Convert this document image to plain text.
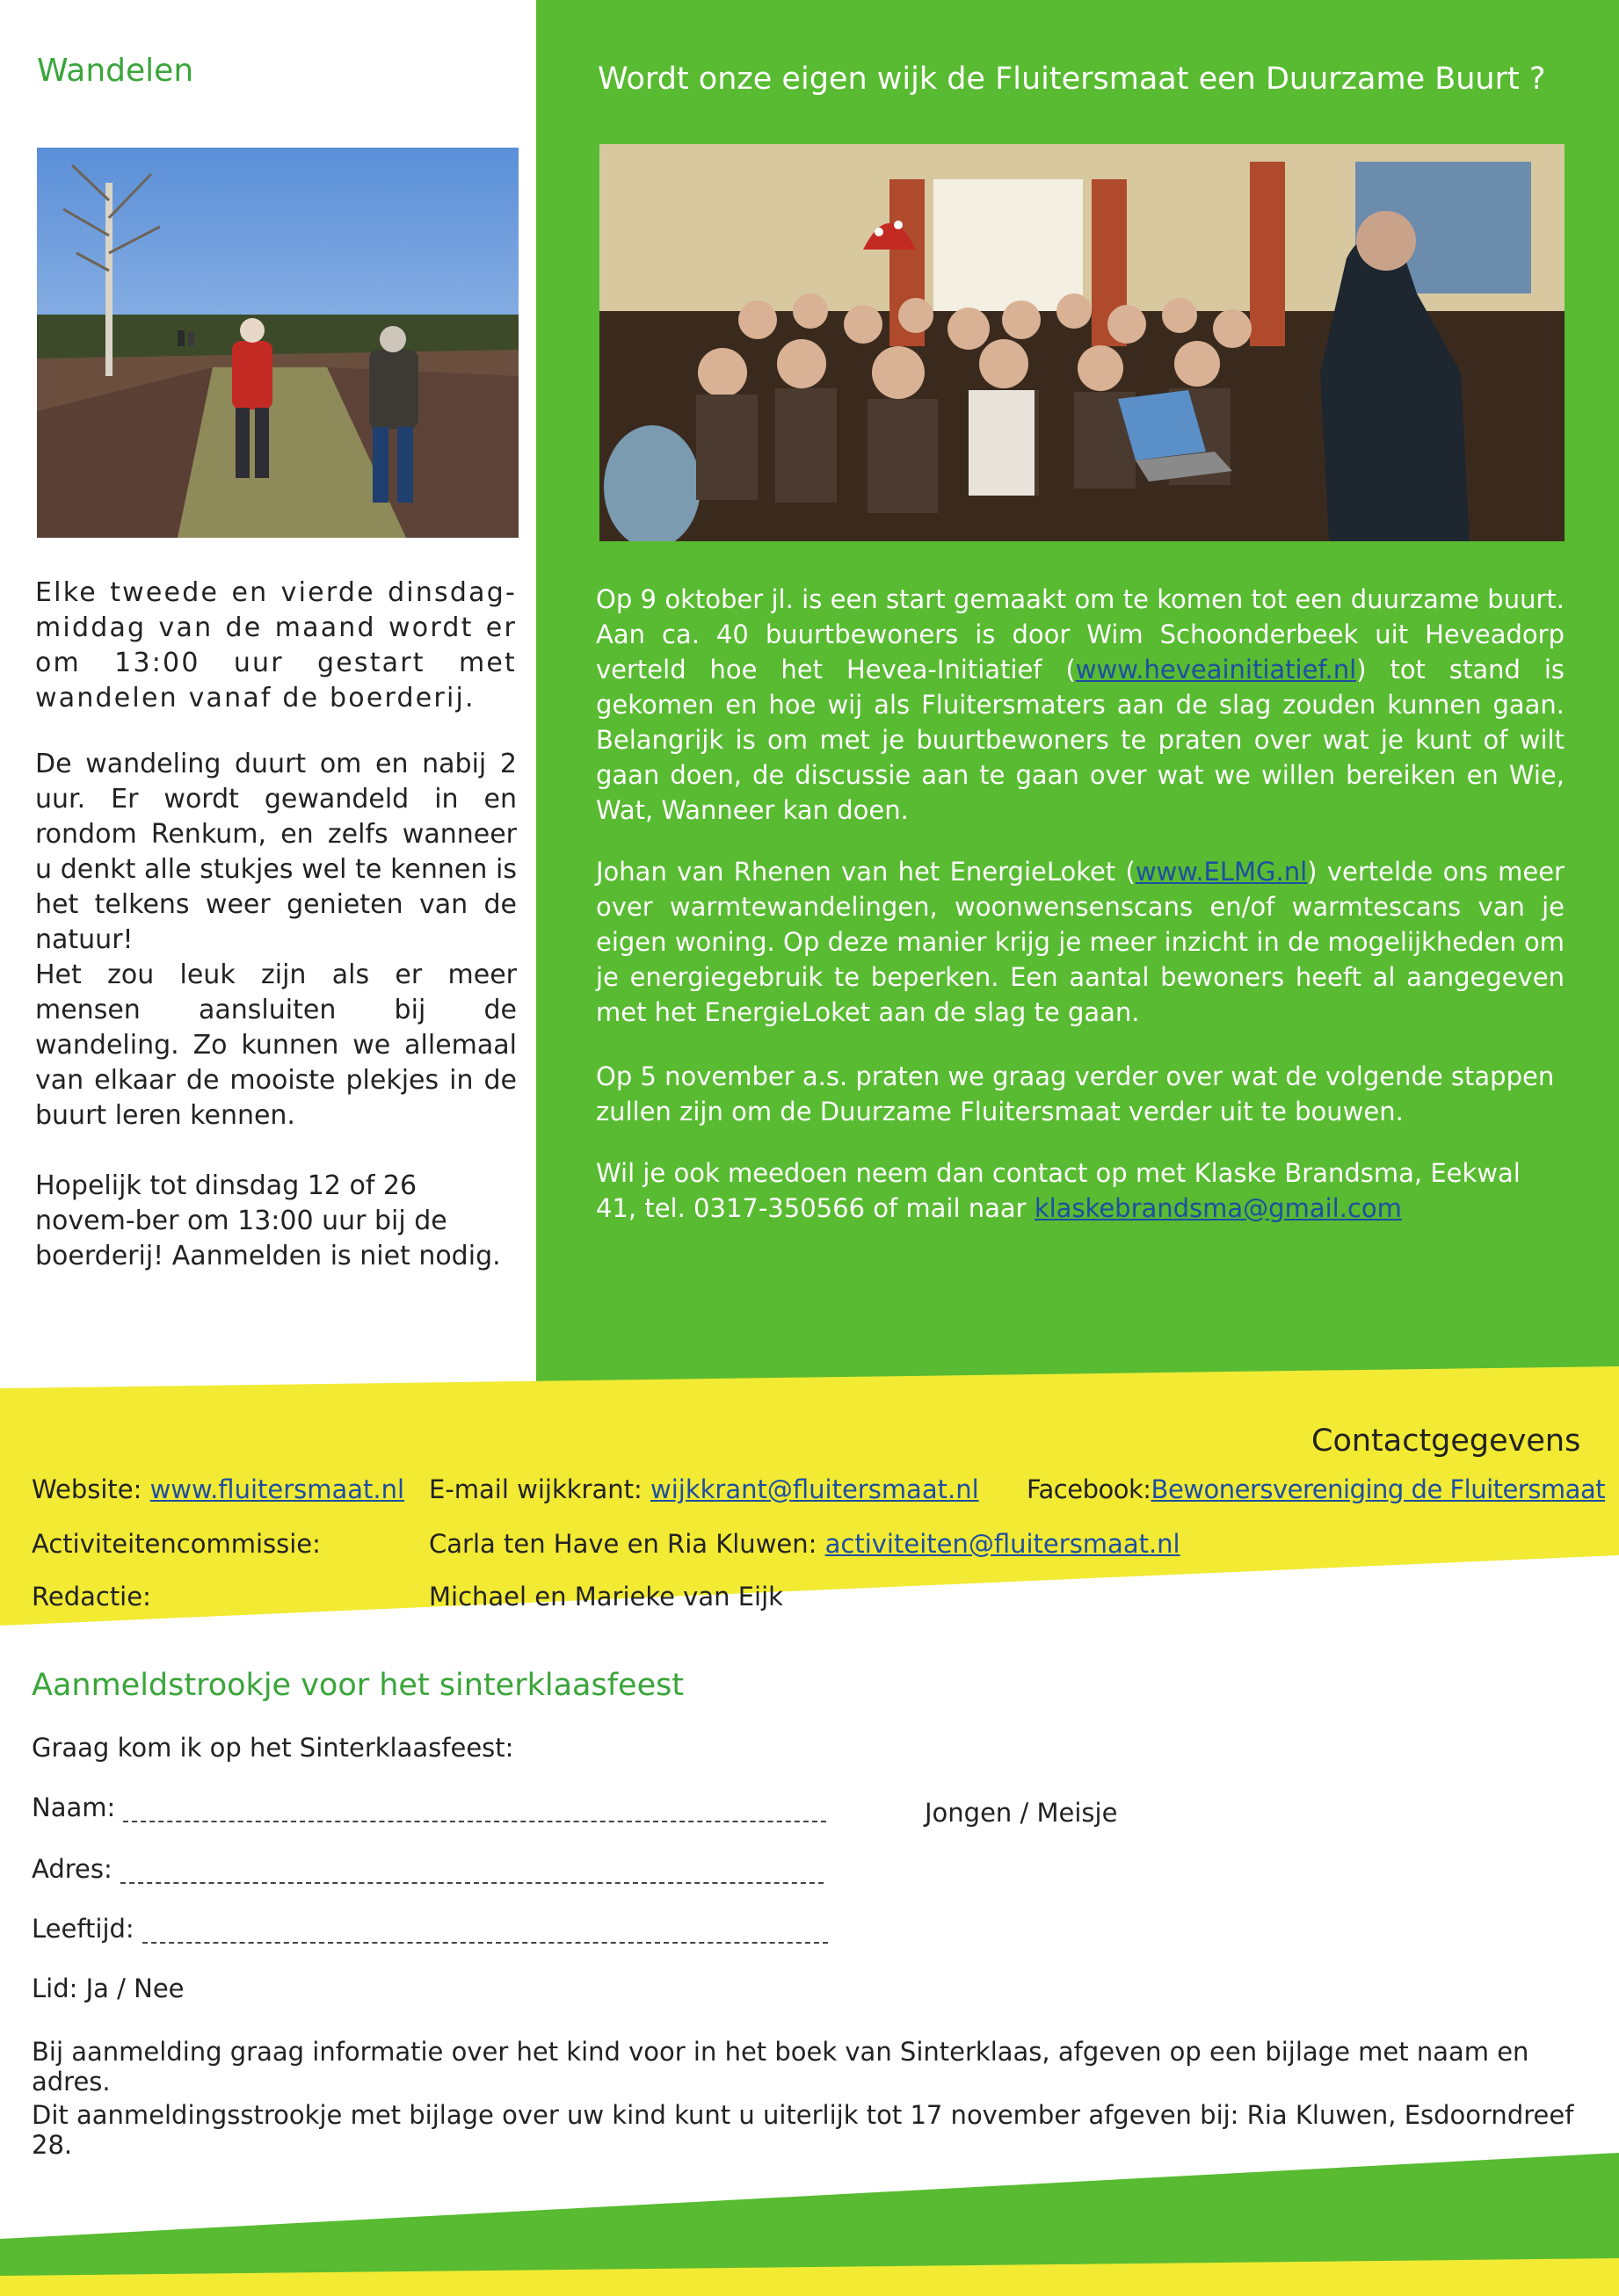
Wandelen
Elke tweede en vierde dinsdag-middag van de maand wordt er om 13:00 uur gestart met wandelen vanaf de boerderij.
De wandeling duurt om en nabij 2 uur. Er wordt gewandeld in en rondom Renkum, en zelfs wanneer u denkt alle stukjes wel te kennen is het telkens weer genieten van de natuur!
Het zou leuk zijn als er meer mensen aansluiten bij de wandeling. Zo kunnen we allemaal van elkaar de mooiste plekjes in de buurt leren kennen.
Hopelijk tot dinsdag 12 of 26 novem-ber om 13:00 uur bij de boerderij! Aanmelden is niet nodig.
Wordt onze eigen wijk de Fluitersmaat een Duurzame Buurt ?
Op 9 oktober jl. is een start gemaakt om te komen tot een duurzame buurt. Aan ca. 40 buurtbewoners is door Wim Schoonderbeek uit Heveadorp verteld hoe het Hevea-Initiatief (www.heveainitiatief.nl) tot stand is gekomen en hoe wij als Fluitersmaters aan de slag zouden kunnen gaan. Belangrijk is om met je buurtbewoners te praten over wat je kunt of wilt gaan doen, de discussie aan te gaan over wat we willen bereiken en Wie, Wat, Wanneer kan doen.
Johan van Rhenen van het EnergieLoket (www.ELMG.nl) vertelde ons meer over warmtewandelingen, woonwensenscans en/of warmtescans van je eigen woning. Op deze manier krijg je meer inzicht in de mogelijkheden om je energiegebruik te beperken. Een aantal bewoners heeft al aangegeven met het EnergieLoket aan de slag te gaan.
Op 5 november a.s. praten we graag verder over wat de volgende stappen zullen zijn om de Duurzame Fluitersmaat verder uit te bouwen.
Wil je ook meedoen neem dan contact op met Klaske Brandsma, Eekwal 41, tel. 0317-350566 of mail naar klaskebrandsma@gmail.com
Contactgegevens
Website: www.fluitersmaat.nl E-mail wijkkrant: wijkkrant@fluitersmaat.nl Facebook:Bewonersvereniging de Fluitersmaat
Activiteitencommissie:	Carla ten Have en Ria Kluwen: activiteiten@fluitersmaat.nl
Redactie:	Michael en Marieke van Eijk
Aanmeldstrookje voor het sinterklaasfeest
Graag kom ik op het Sinterklaasfeest:
Naam:	Jongen / Meisje
Adres:
Leeftijd:
Lid: Ja / Nee
Bij aanmelding graag informatie over het kind voor in het boek van Sinterklaas, afgeven op een bijlage met naam en adres.
Dit aanmeldingsstrookje met bijlage over uw kind kunt u uiterlijk tot 17 november afgeven bij: Ria Kluwen, Esdoorndreef 28.
